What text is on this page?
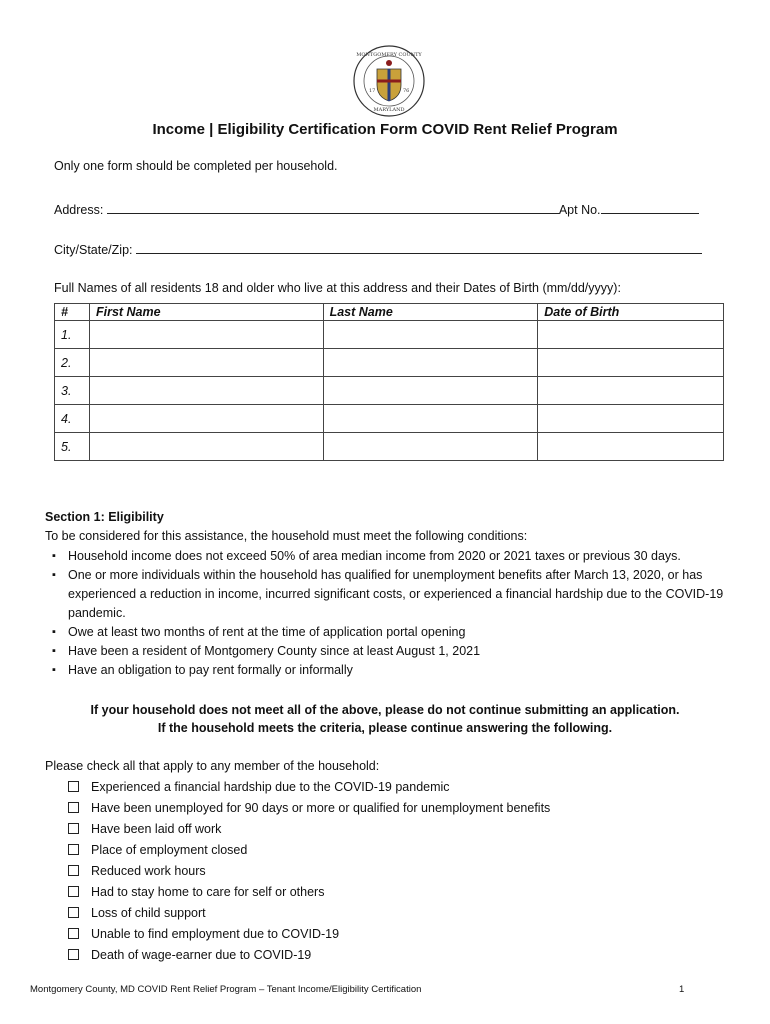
17	76
MONTGOMERY COUNTY
MARYLAND
Income | Eligibility Certification Form COVID Rent Relief Program
Only one form should be completed per household.
Address:	Apt No.
City/State/Zip:
Full Names of all residents 18 and older who live at this address and their Dates of Birth (mm/dd/yyyy):
#	First Name	Last Name	Date of Birth
1.			
2.			
3.			
4.			
5.			
Section 1: Eligibility
To be considered for this assistance, the household must meet the following conditions:
▪ Household income does not exceed 50% of area median income from 2020 or 2021 taxes or previous 30 days.
▪ One or more individuals within the household has qualified for unemployment benefits after March 13, 2020, or has experienced a reduction in income, incurred significant costs, or experienced a financial hardship due to the COVID-19 pandemic.
▪ Owe at least two months of rent at the time of application portal opening
▪ Have been a resident of Montgomery County since at least August 1, 2021
▪ Have an obligation to pay rent formally or informally
If your household does not meet all of the above, please do not continue submitting an application.
If the household meets the criteria, please continue answering the following.
Please check all that apply to any member of the household:
Experienced a financial hardship due to the COVID-19 pandemic
Have been unemployed for 90 days or more or qualified for unemployment benefits
Have been laid off work
Place of employment closed
Reduced work hours
Had to stay home to care for self or others
Loss of child support
Unable to find employment due to COVID-19
Death of wage-earner due to COVID-19
Montgomery County, MD COVID Rent Relief Program – Tenant Income/Eligibility Certification	1
